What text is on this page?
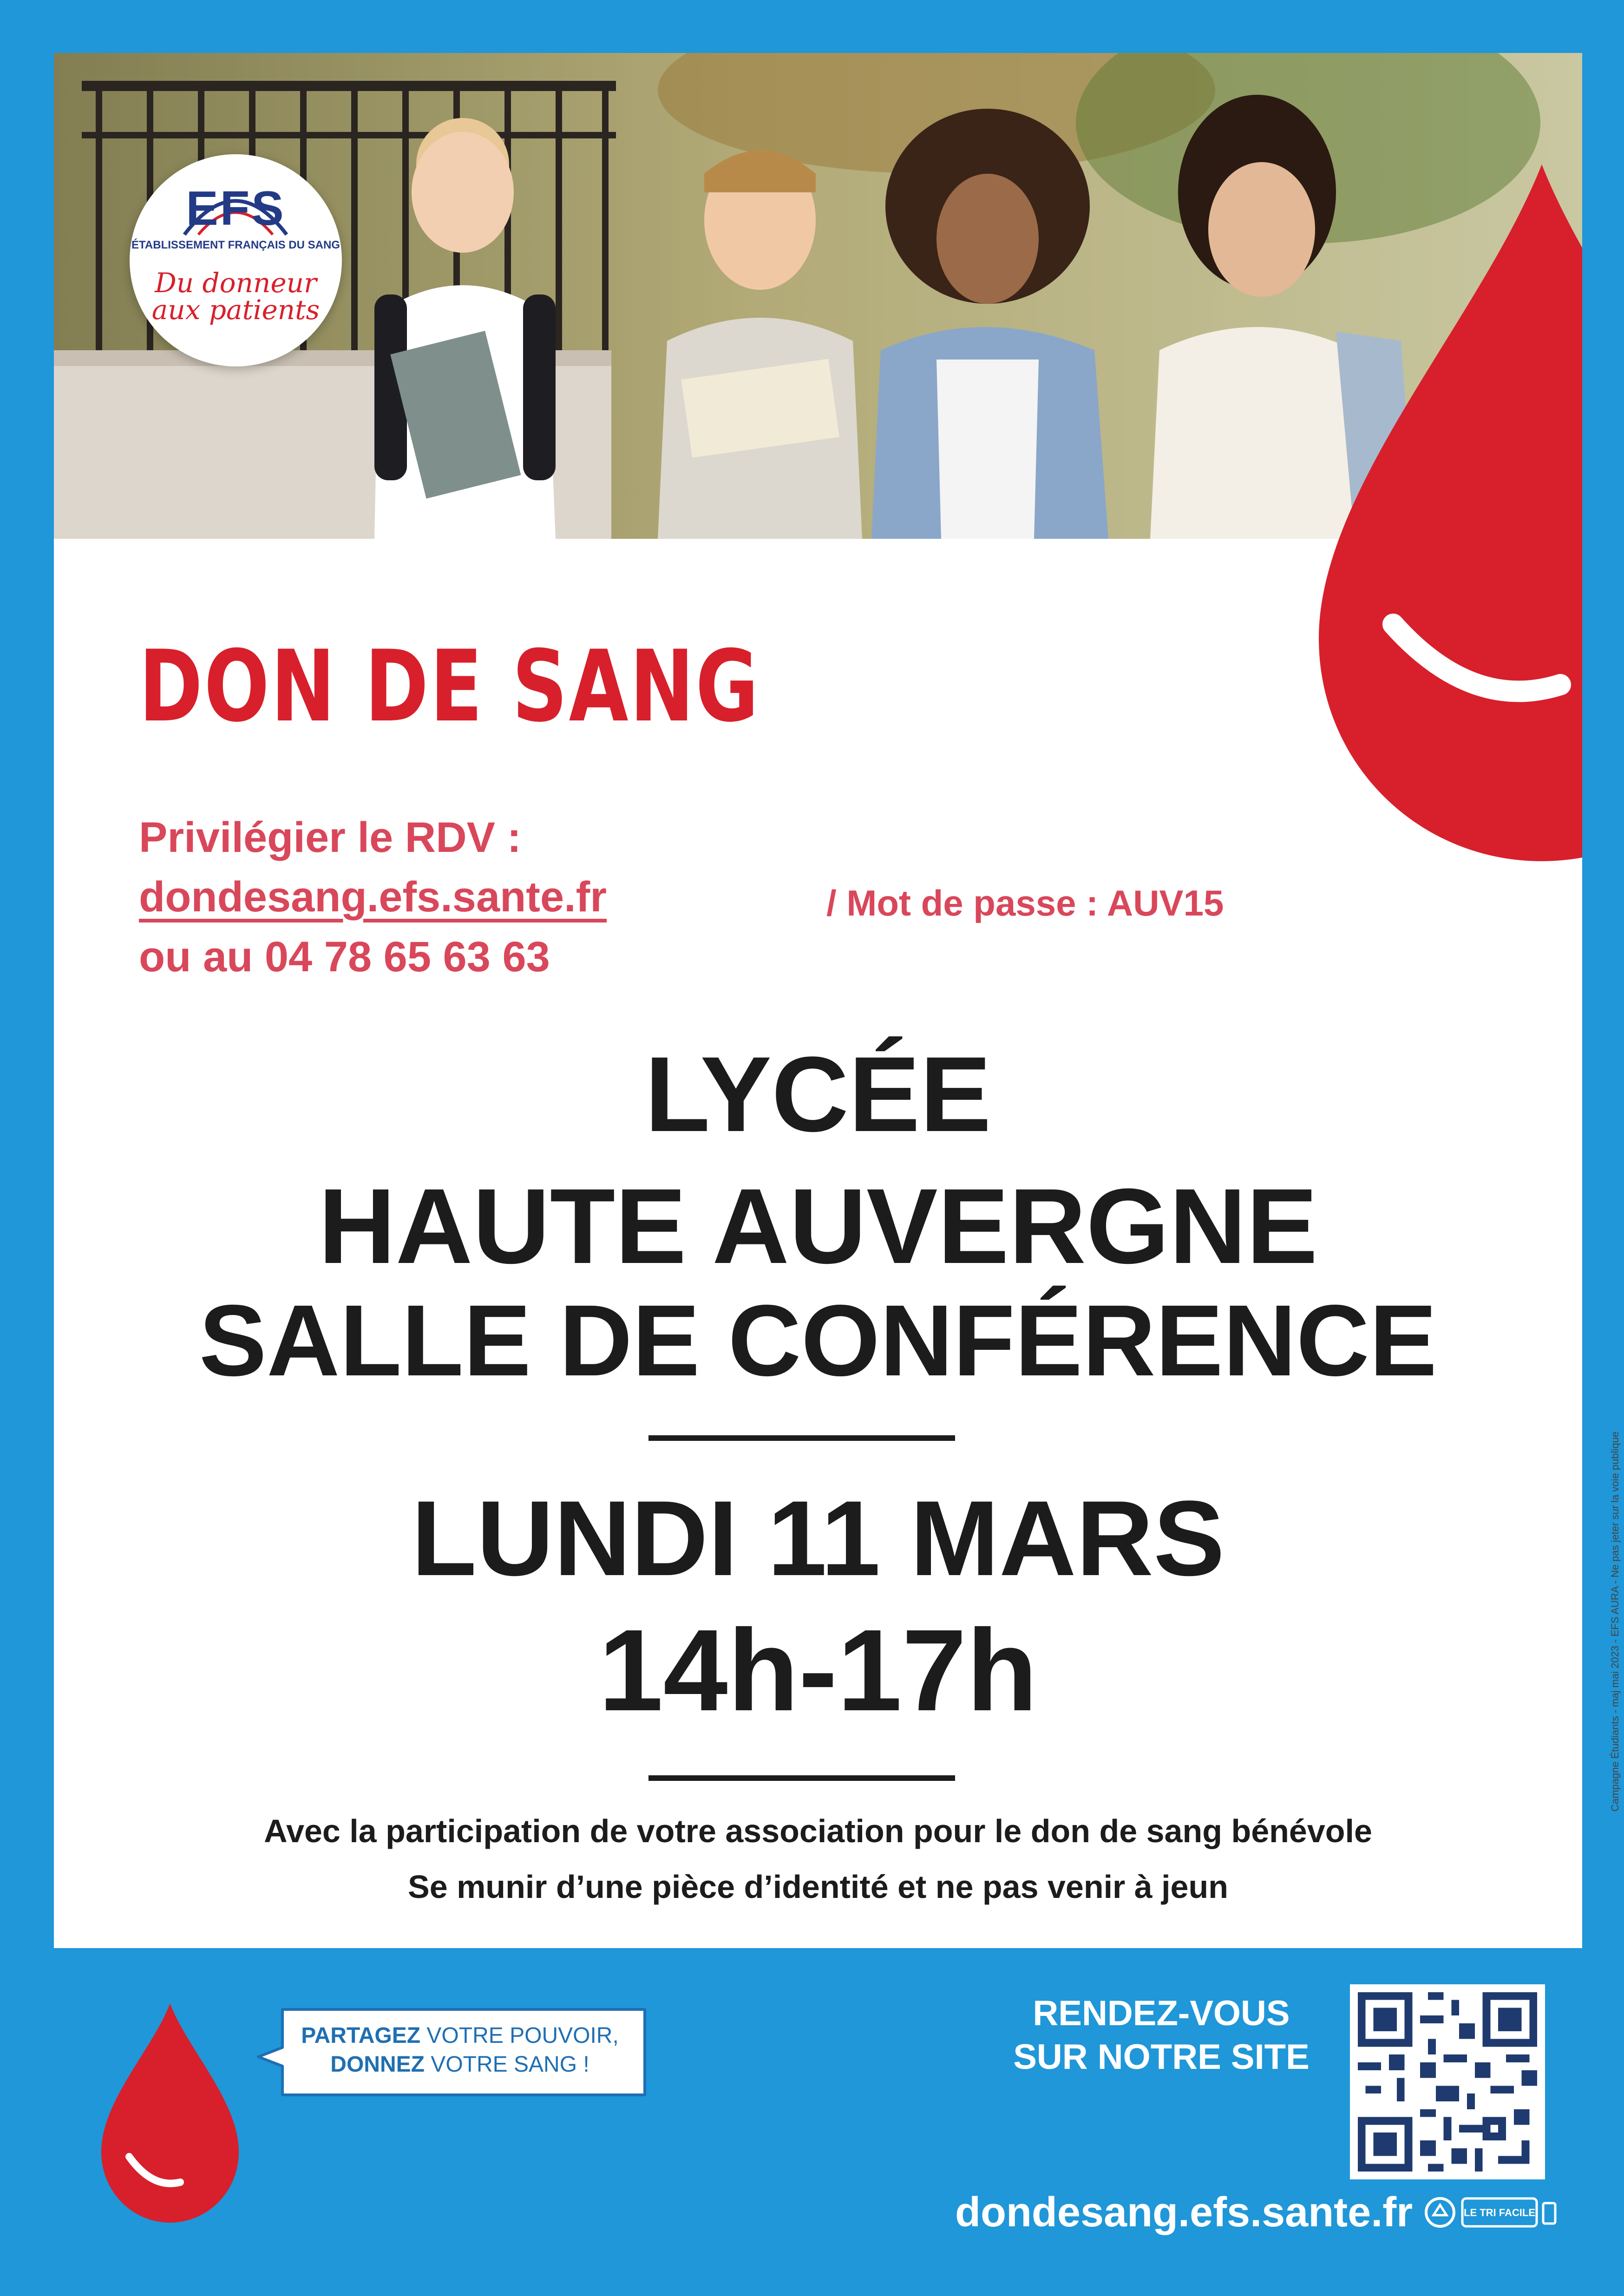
EFS
ÉTABLISSEMENT FRANÇAIS DU SANG
Du donneur aux patients
DON DE SANG
Privilégier le RDV :
dondesang.efs.sante.fr	/ Mot de passe : AUV15
ou au 04 78 65 63 63
LYCÉE
HAUTE AUVERGNE
SALLE DE CONFÉRENCE
LUNDI 11 MARS
14h-17h
Avec la participation de votre association pour le don de sang bénévole
Se munir d’une pièce d’identité et ne pas venir à jeun
PARTAGEZ VOTRE POUVOIR,
DONNEZ VOTRE SANG !
RENDEZ-VOUS
SUR NOTRE SITE
dondesang.efs.sante.fr	LE TRI FACILE
Campagne Étudiants - maj mai 2023 - EFS AURA - Ne pas jeter sur la voie publique
